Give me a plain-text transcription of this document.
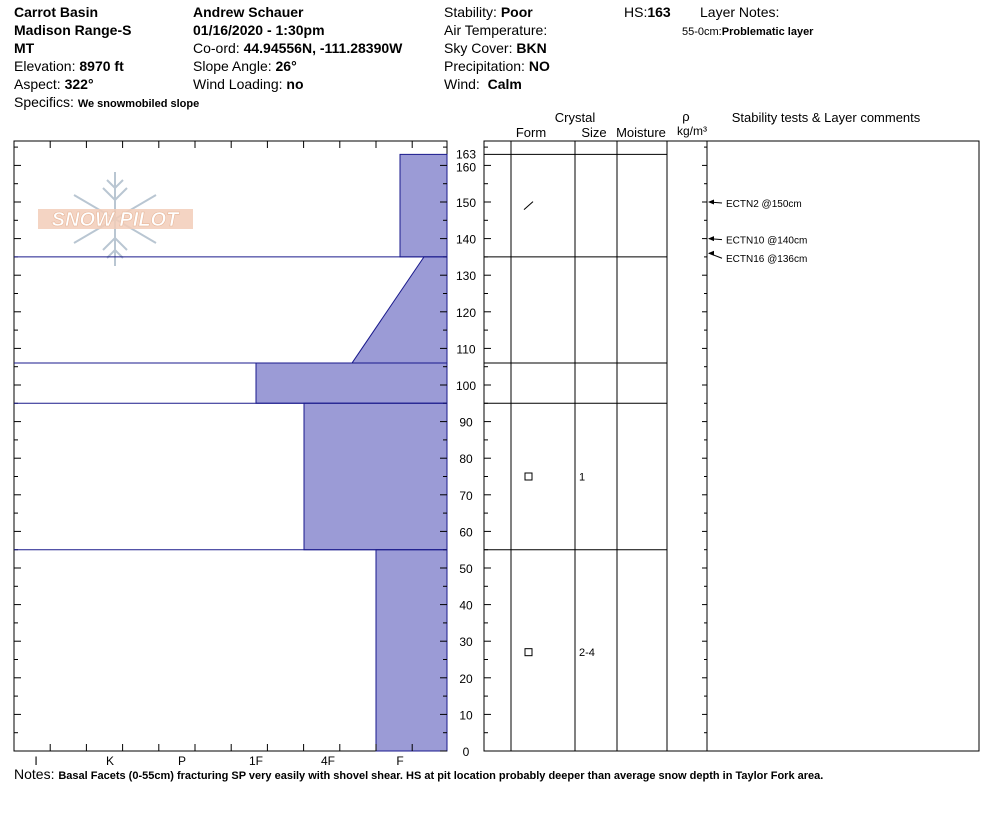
Carrot Basin
Madison Range-S
MT
Elevation: 8970 ft
Aspect: 322°
Specifics: We snowmobiled slope
Andrew Schauer
01/16/2020 - 1:30pm
Co-ord: 44.94556N, -111.28390W
Slope Angle: 26°
Wind Loading: no
Stability: Poor
Air Temperature:
Sky Cover: BKN
Precipitation: NO
Wind: Calm
HS:163 Layer Notes:
55-0cm:Problematic layer
SNOW PILOT
I	K	P	1F	4F	F
0
10
20
30
40
50
60
70
80
90
100
110
120
130
140
150
160
163
1
2-4
ECTN2 @150cm
ECTN10 @140cm
ECTN16 @136cm
Crystal
Form	Size Moisture
ρ
kg/m³
Stability tests & Layer comments
Notes: Basal Facets (0-55cm) fracturing SP very easily with shovel shear. HS at pit location probably deeper than average snow depth in Taylor Fork area.
